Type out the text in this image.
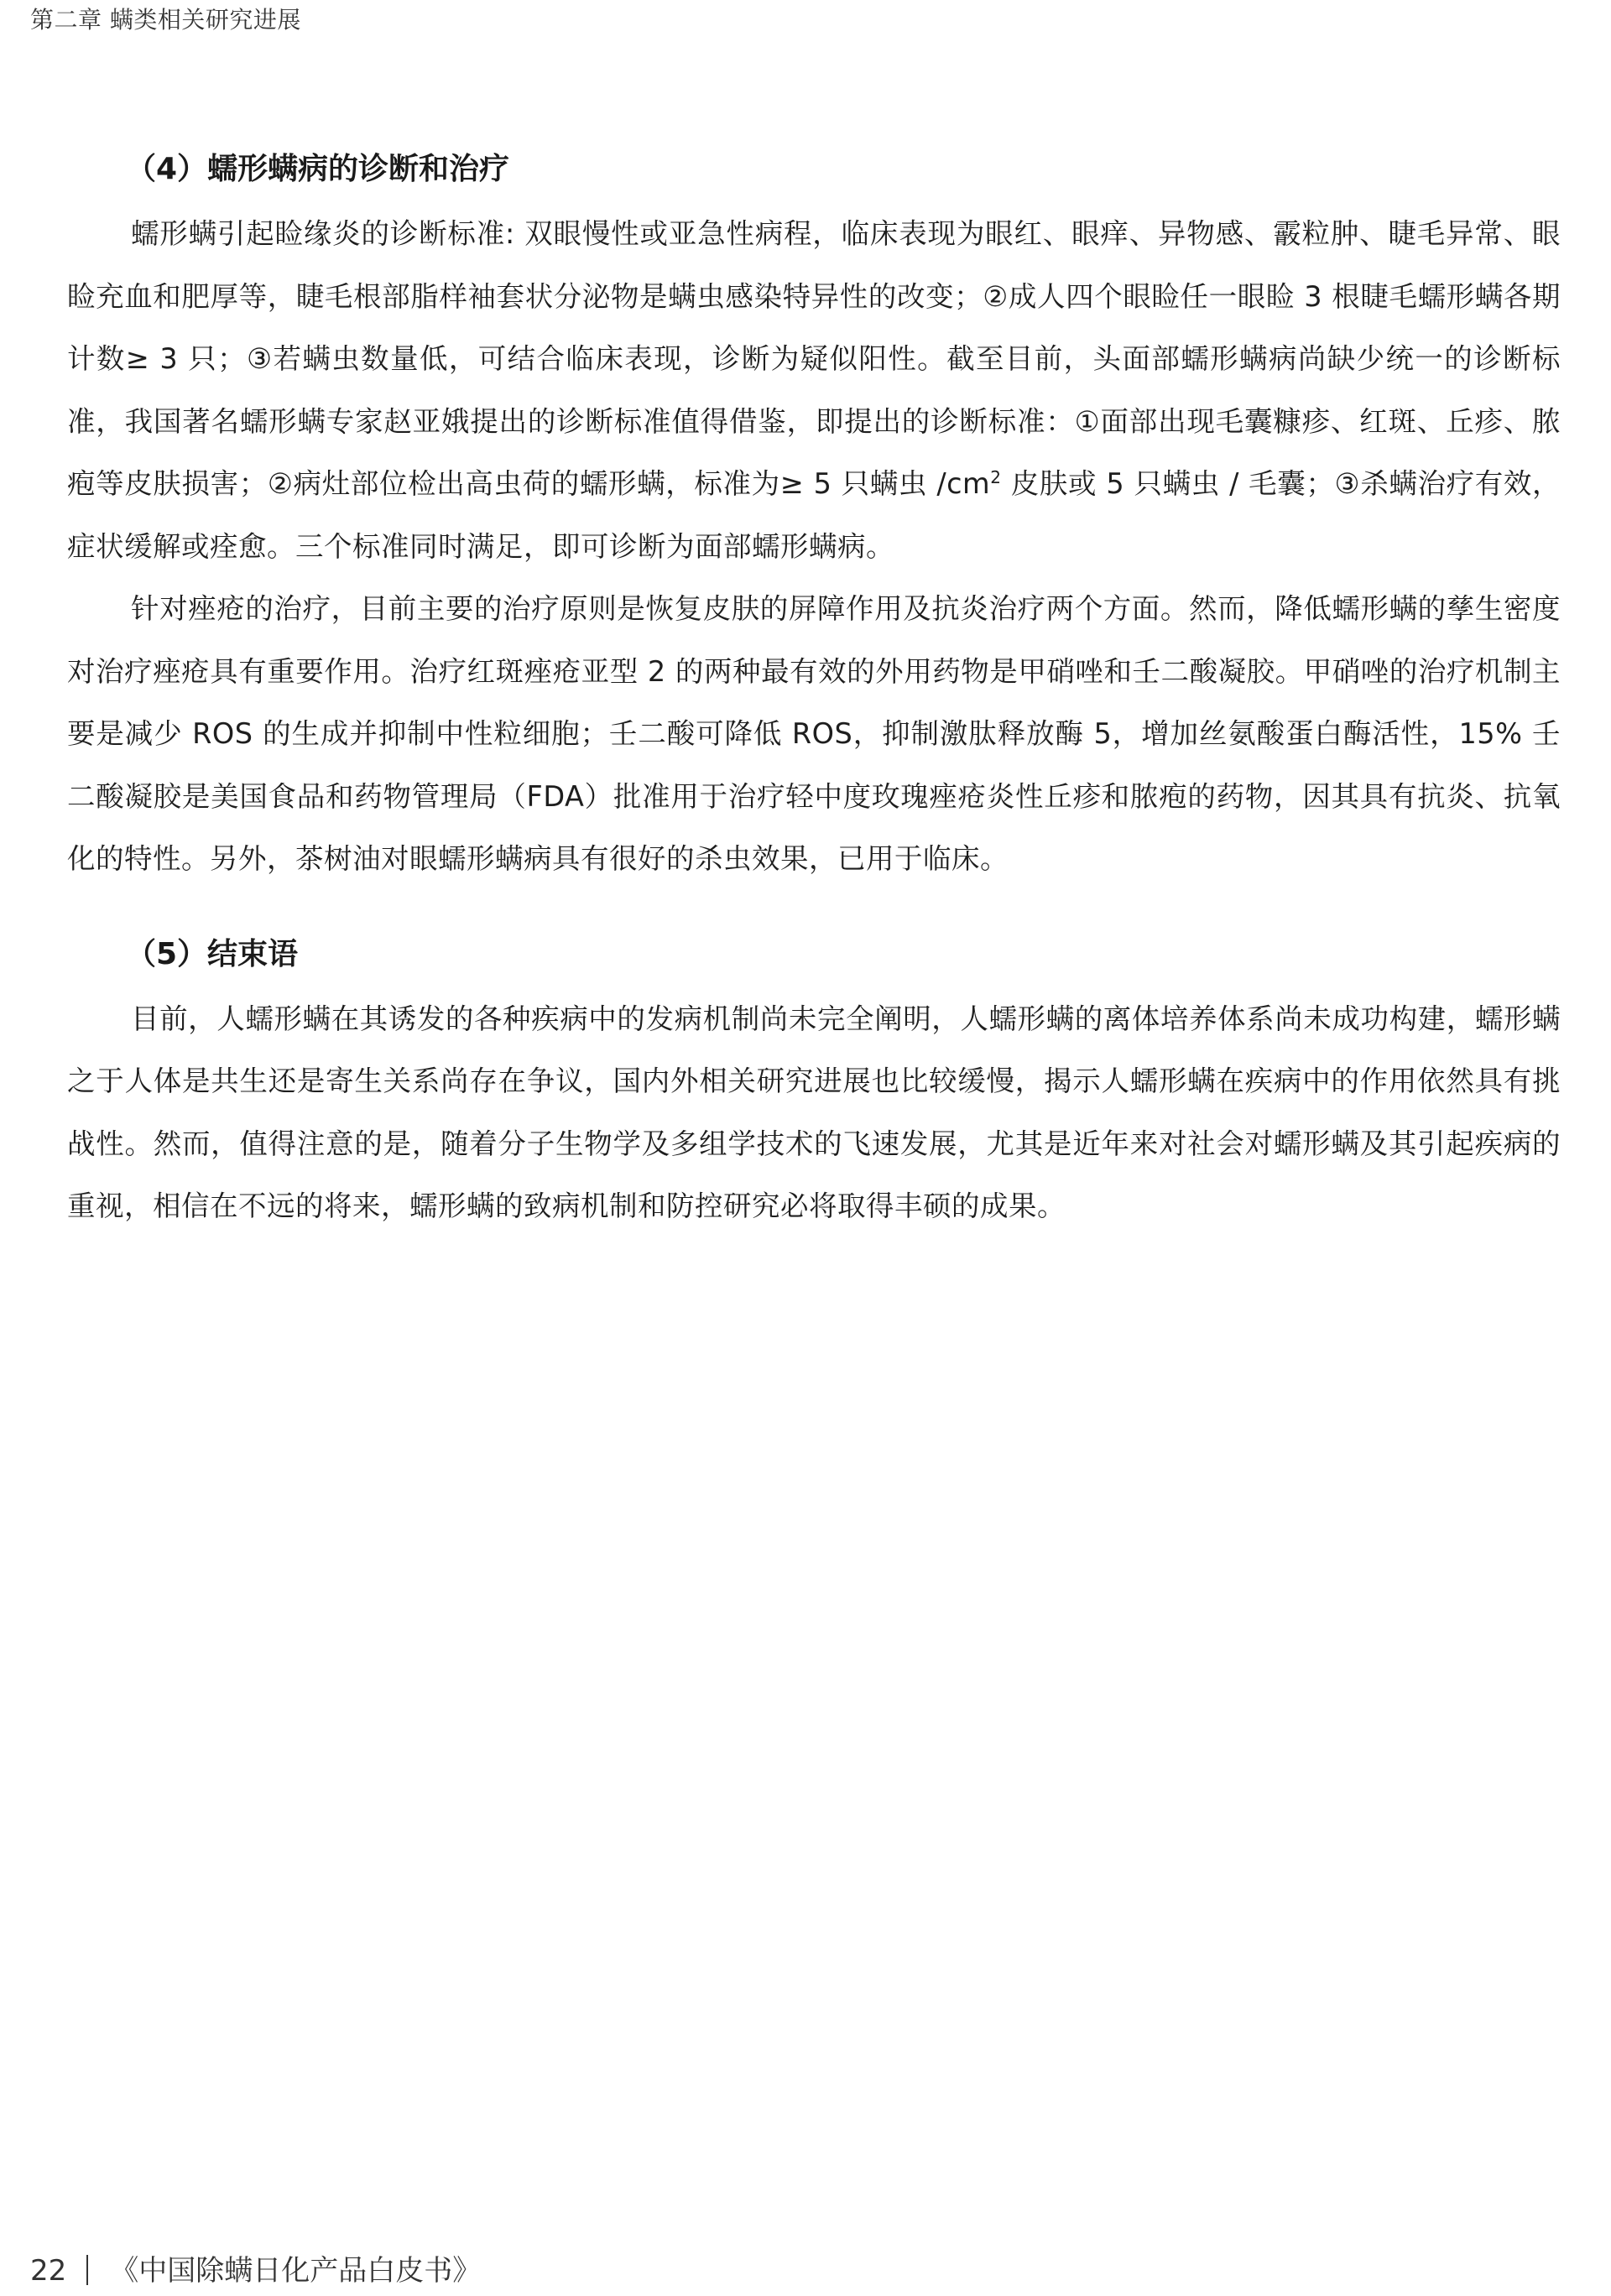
第二章 螨类相关研究进展
（4）蠕形螨病的诊断和治疗

蠕形螨引起睑缘炎的诊断标准: 双眼慢性或亚急性病程，临床表现为眼红、眼痒、异物感、霰粒肿、睫毛异常、眼睑充血和肥厚等，睫毛根部脂样袖套状分泌物是螨虫感染特异性的改变；②成人四个眼睑任一眼睑 3 根睫毛蠕形螨各期计数≥ 3 只；③若螨虫数量低，可结合临床表现，诊断为疑似阳性。截至目前，头面部蠕形螨病尚缺少统一的诊断标准，我国著名蠕形螨专家赵亚娥提出的诊断标准值得借鉴，即提出的诊断标准：①面部出现毛囊糠疹、红斑、丘疹、脓疱等皮肤损害；②病灶部位检出高虫荷的蠕形螨，标准为≥ 5 只螨虫 $/cm^2$ 皮肤或 5 只螨虫 / 毛囊；③杀螨治疗有效，症状缓解或痊愈。三个标准同时满足，即可诊断为面部蠕形螨病。

针对痤疮的治疗，目前主要的治疗原则是恢复皮肤的屏障作用及抗炎治疗两个方面。然而，降低蠕形螨的孳生密度对治疗痤疮具有重要作用。治疗红斑痤疮亚型 2 的两种最有效的外用药物是甲硝唑和壬二酸凝胶。甲硝唑的治疗机制主要是减少 ROS 的生成并抑制中性粒细胞；壬二酸可降低 ROS，抑制激肽释放酶 5，增加丝氨酸蛋白酶活性，15% 壬二酸凝胶是美国食品和药物管理局（FDA）批准用于治疗轻中度玫瑰痤疮炎性丘疹和脓疱的药物，因其具有抗炎、抗氧化的特性。另外，茶树油对眼蠕形螨病具有很好的杀虫效果，已用于临床。

（5）结束语

目前，人蠕形螨在其诱发的各种疾病中的发病机制尚未完全阐明，人蠕形螨的离体培养体系尚未成功构建，蠕形螨之于人体是共生还是寄生关系尚存在争议，国内外相关研究进展也比较缓慢，揭示人蠕形螨在疾病中的作用依然具有挑战性。然而，值得注意的是，随着分子生物学及多组学技术的飞速发展，尤其是近年来对社会对蠕形螨及其引起疾病的重视，相信在不远的将来，蠕形螨的致病机制和防控研究必将取得丰硕的成果。

22 《中国除螨日化产品白皮书》
